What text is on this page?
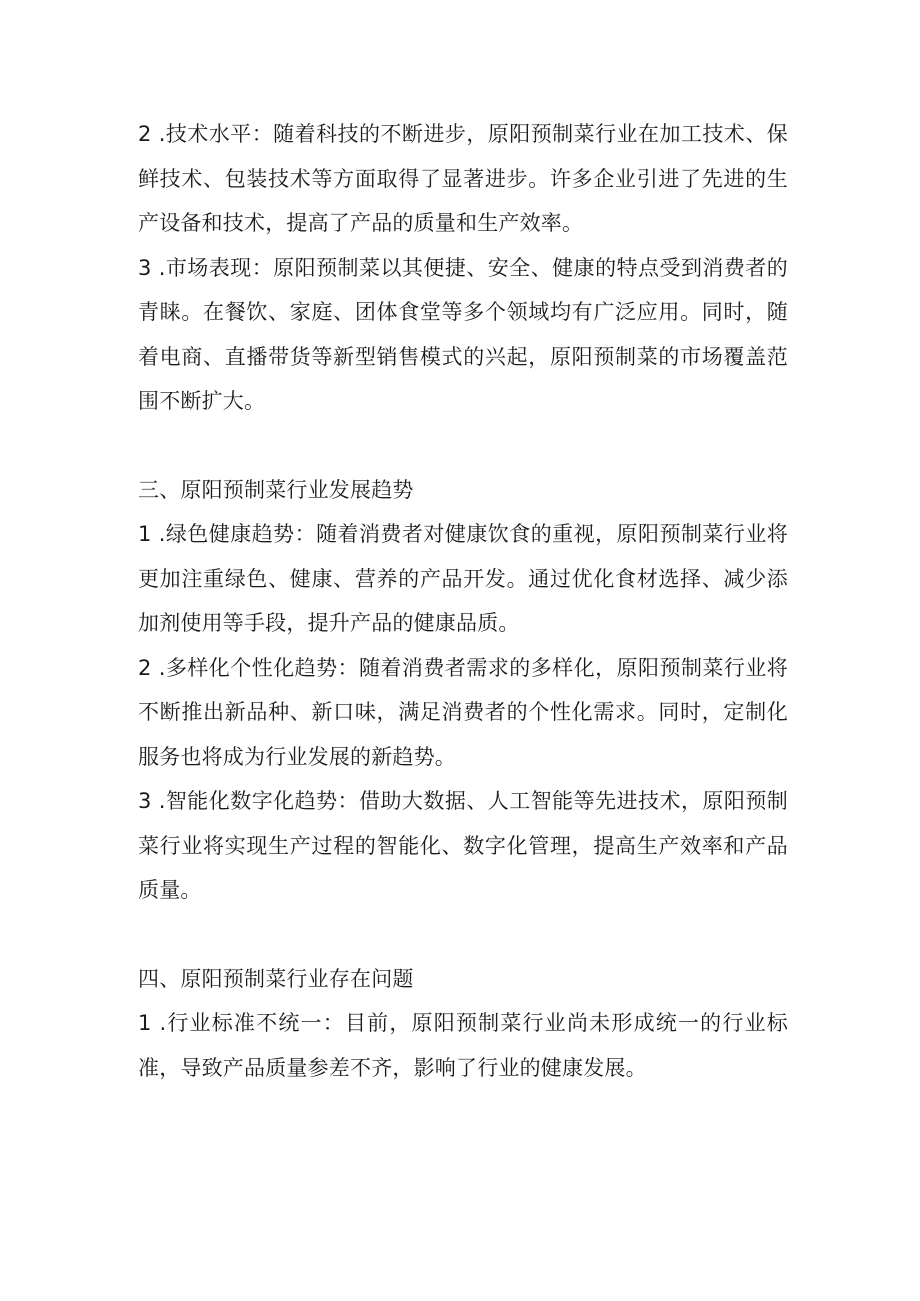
2 .技术水平：随着科技的不断进步，原阳预制菜行业在加工技术、保鲜技术、包装技术等方面取得了显著进步。许多企业引进了先进的生产设备和技术，提高了产品的质量和生产效率。

3 .市场表现：原阳预制菜以其便捷、安全、健康的特点受到消费者的青睐。在餐饮、家庭、团体食堂等多个领域均有广泛应用。同时，随着电商、直播带货等新型销售模式的兴起，原阳预制菜的市场覆盖范围不断扩大。

三、原阳预制菜行业发展趋势

1 .绿色健康趋势：随着消费者对健康饮食的重视，原阳预制菜行业将更加注重绿色、健康、营养的产品开发。通过优化食材选择、减少添加剂使用等手段，提升产品的健康品质。

2 .多样化个性化趋势：随着消费者需求的多样化，原阳预制菜行业将不断推出新品种、新口味，满足消费者的个性化需求。同时，定制化服务也将成为行业发展的新趋势。

3 .智能化数字化趋势：借助大数据、人工智能等先进技术，原阳预制菜行业将实现生产过程的智能化、数字化管理，提高生产效率和产品质量。

四、原阳预制菜行业存在问题

1 .行业标准不统一：目前，原阳预制菜行业尚未形成统一的行业标准，导致产品质量参差不齐，影响了行业的健康发展。
